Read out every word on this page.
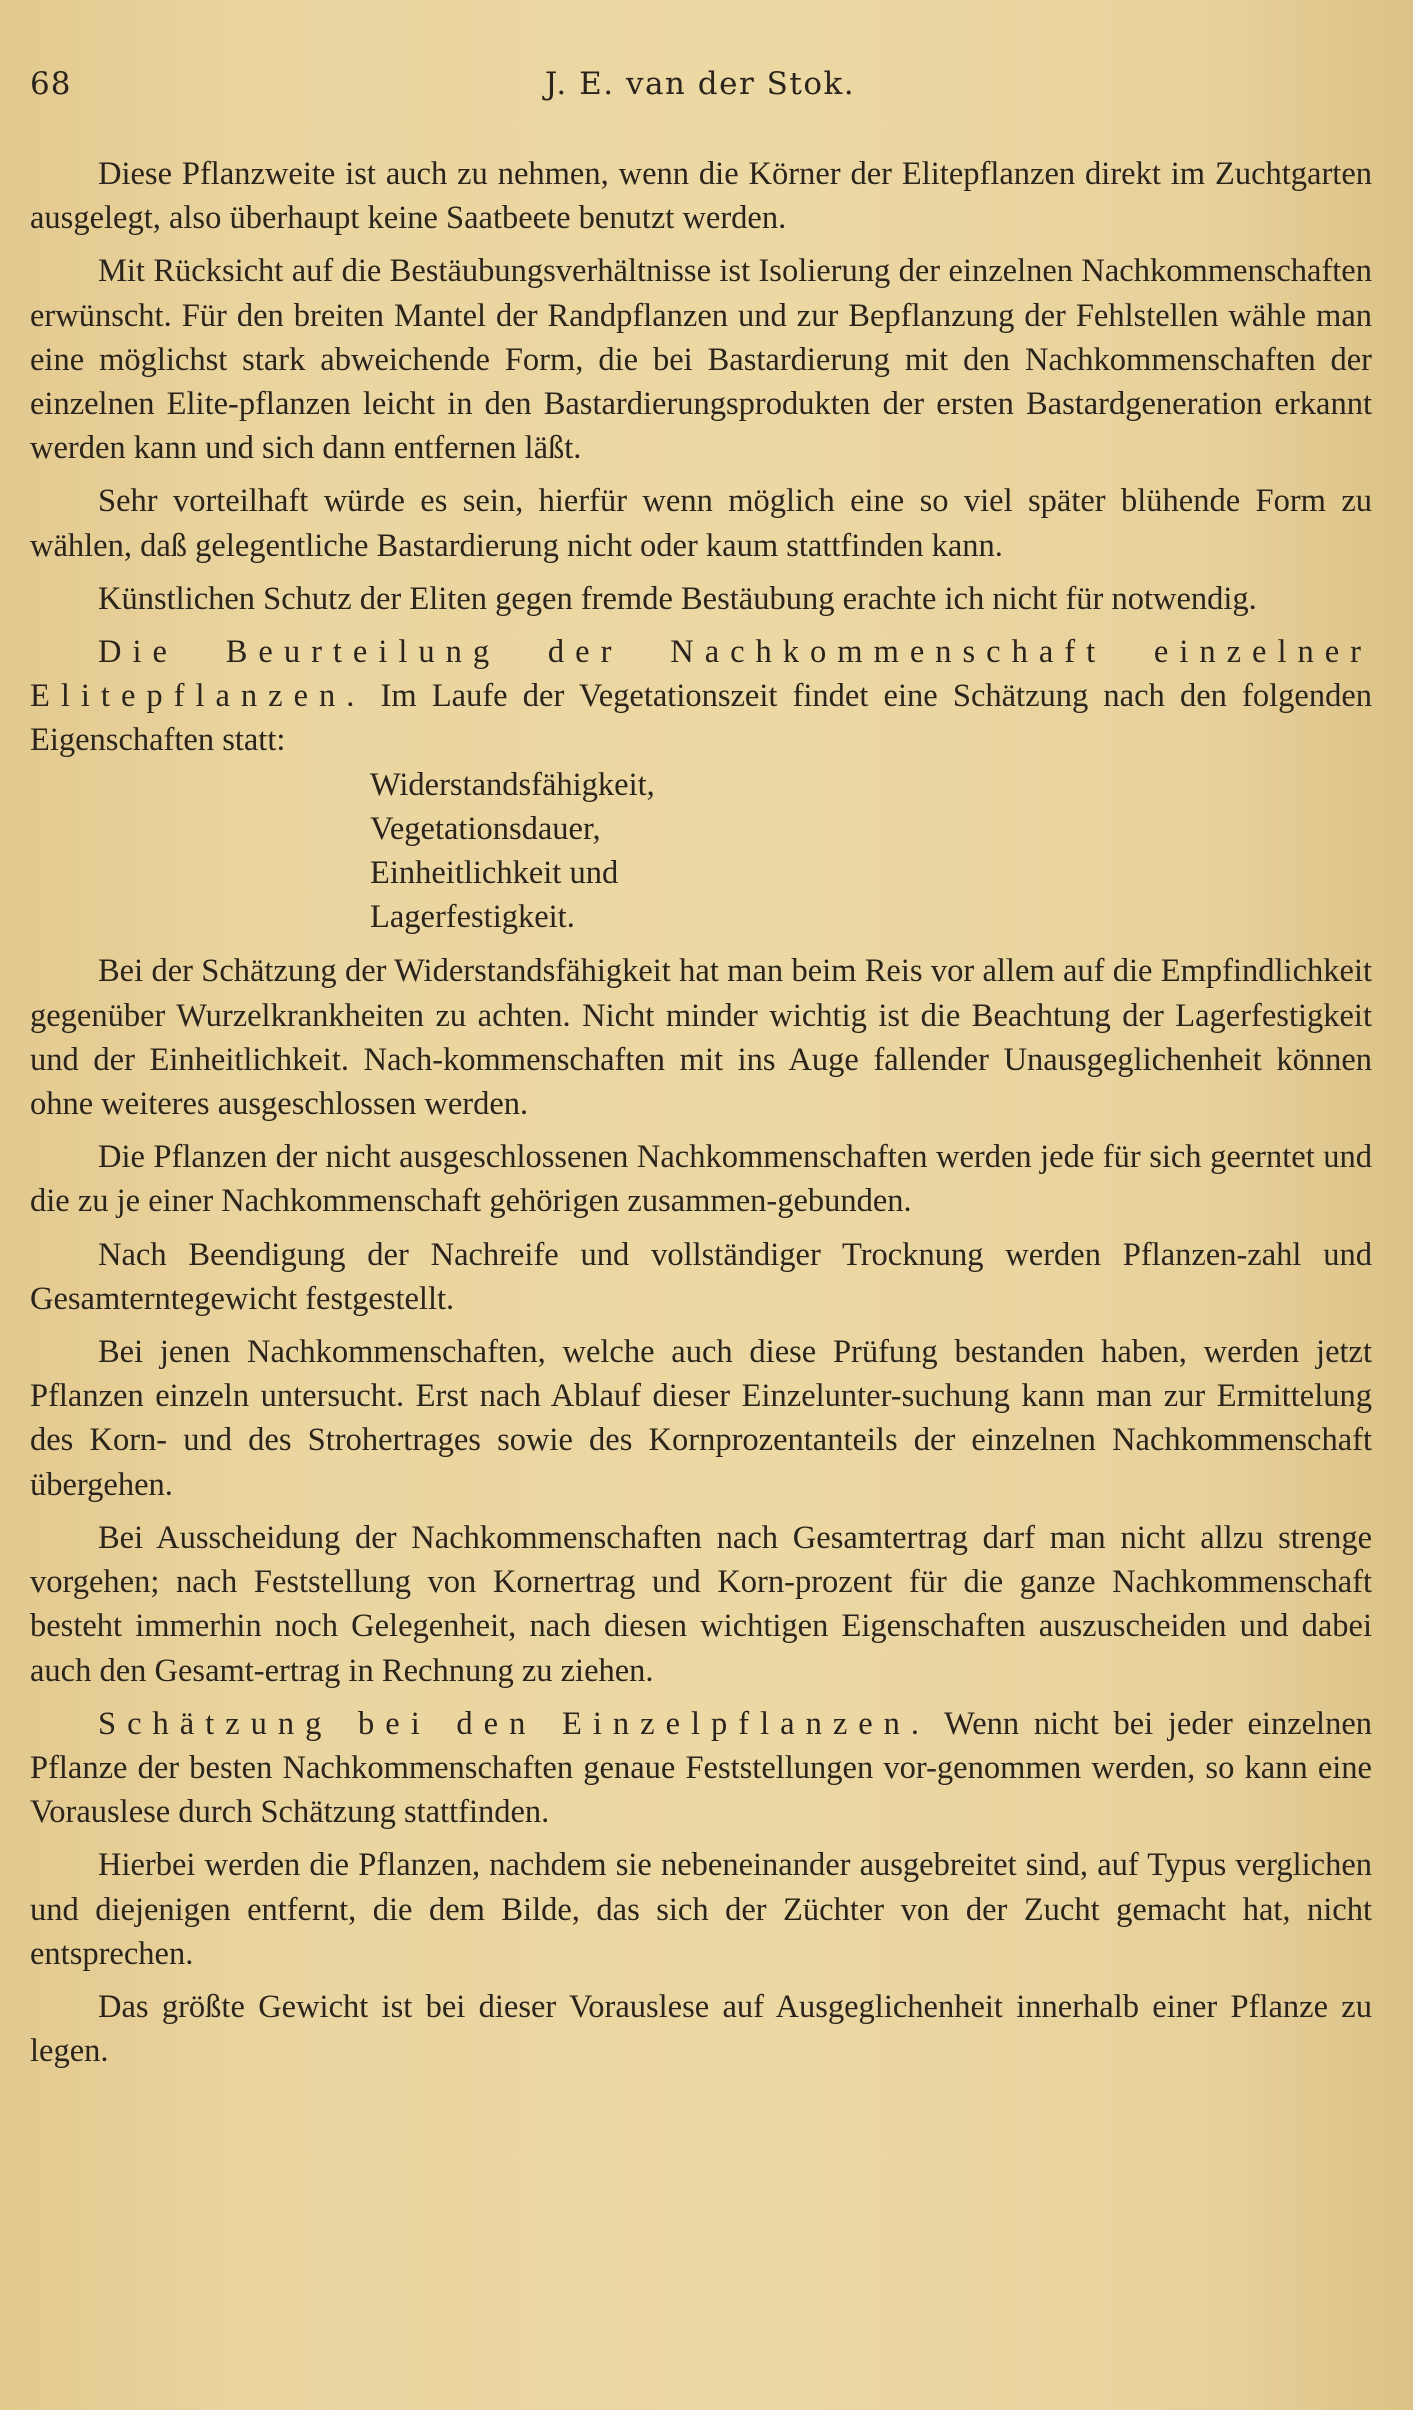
68	J. E. van der Stok.

Diese Pflanzweite ist auch zu nehmen, wenn die Körner der Elitepflanzen direkt im Zuchtgarten ausgelegt, also überhaupt keine Saatbeete benutzt werden.

Mit Rücksicht auf die Bestäubungsverhältnisse ist Isolierung der einzelnen Nachkommenschaften erwünscht. Für den breiten Mantel der Randpflanzen und zur Bepflanzung der Fehlstellen wähle man eine möglichst stark abweichende Form, die bei Bastardierung mit den Nachkommenschaften der einzelnen Elite-pflanzen leicht in den Bastardierungsprodukten der ersten Bastardgeneration erkannt werden kann und sich dann entfernen läßt.

Sehr vorteilhaft würde es sein, hierfür wenn möglich eine so viel später blühende Form zu wählen, daß gelegentliche Bastardierung nicht oder kaum stattfinden kann.

Künstlichen Schutz der Eliten gegen fremde Bestäubung erachte ich nicht für notwendig.

Die Beurteilung der Nachkommenschaft einzelner Elitepflanzen. Im Laufe der Vegetationszeit findet eine Schätzung nach den folgenden Eigenschaften statt:

Widerstandsfähigkeit,
Vegetationsdauer,
Einheitlichkeit und
Lagerfestigkeit.

Bei der Schätzung der Widerstandsfähigkeit hat man beim Reis vor allem auf die Empfindlichkeit gegenüber Wurzelkrankheiten zu achten. Nicht minder wichtig ist die Beachtung der Lagerfestigkeit und der Einheitlichkeit. Nach-kommenschaften mit ins Auge fallender Unausgeglichenheit können ohne weiteres ausgeschlossen werden.

Die Pflanzen der nicht ausgeschlossenen Nachkommenschaften werden jede für sich geerntet und die zu je einer Nachkommenschaft gehörigen zusammen-gebunden.

Nach Beendigung der Nachreife und vollständiger Trocknung werden Pflanzen-zahl und Gesamterntegewicht festgestellt.

Bei jenen Nachkommenschaften, welche auch diese Prüfung bestanden haben, werden jetzt Pflanzen einzeln untersucht. Erst nach Ablauf dieser Einzelunter-suchung kann man zur Ermittelung des Korn- und des Strohertrages sowie des Kornprozentanteils der einzelnen Nachkommenschaft übergehen.

Bei Ausscheidung der Nachkommenschaften nach Gesamtertrag darf man nicht allzu strenge vorgehen; nach Feststellung von Kornertrag und Korn-prozent für die ganze Nachkommenschaft besteht immerhin noch Gelegenheit, nach diesen wichtigen Eigenschaften auszuscheiden und dabei auch den Gesamt-ertrag in Rechnung zu ziehen.

Schätzung bei den Einzelpflanzen. Wenn nicht bei jeder einzelnen Pflanze der besten Nachkommenschaften genaue Feststellungen vor-genommen werden, so kann eine Vorauslese durch Schätzung stattfinden.

Hierbei werden die Pflanzen, nachdem sie nebeneinander ausgebreitet sind, auf Typus verglichen und diejenigen entfernt, die dem Bilde, das sich der Züchter von der Zucht gemacht hat, nicht entsprechen.

Das größte Gewicht ist bei dieser Vorauslese auf Ausgeglichenheit innerhalb einer Pflanze zu legen.
